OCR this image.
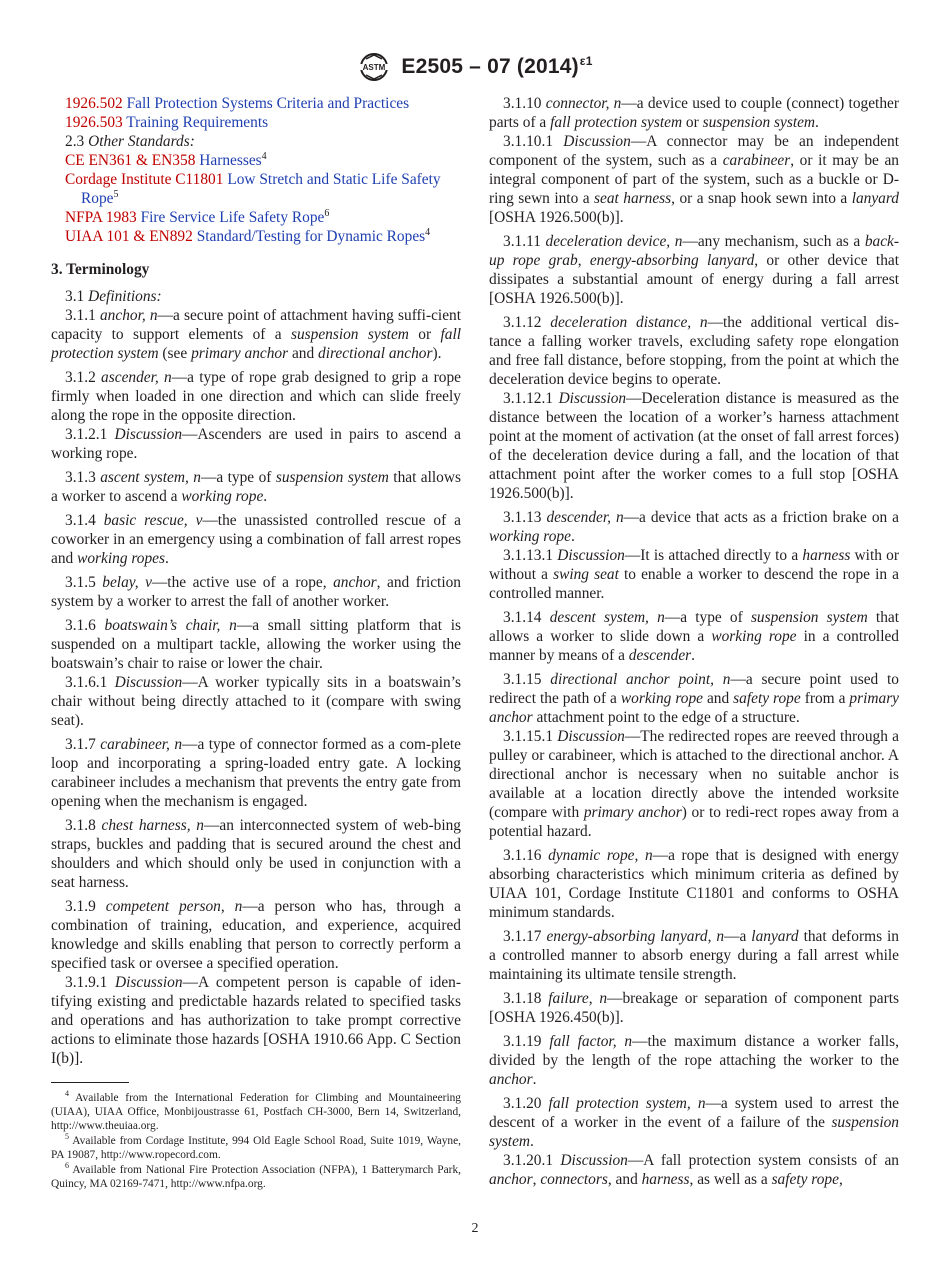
ASTM E2505 – 07 $(2014)^{\varepsilon 1}$

1926.502 Fall Protection Systems Criteria and Practices

1926.503 Training Requirements

2.3 Other Standards:

CE EN361 & EN358 Harnesses$^4$

Cordage Institute C11801 Low Stretch and Static Life Safety
Rope$^5$

NFPA 1983 Fire Service Life Safety Rope$^6$

UIAA 101 & EN892 Standard/Testing for Dynamic Ropes$^4$

3. Terminology

3.1 Definitions:

3.1.1 anchor, n—a secure point of attachment having suffi-cient capacity to support elements of a suspension system or fall protection system (see primary anchor and directional anchor).

3.1.2 ascender, n—a type of rope grab designed to grip a rope firmly when loaded in one direction and which can slide freely along the rope in the opposite direction.

3.1.2.1 Discussion—Ascenders are used in pairs to ascend a working rope.

3.1.3 ascent system, n—a type of suspension system that allows a worker to ascend a working rope.

3.1.4 basic rescue, v—the unassisted controlled rescue of a coworker in an emergency using a combination of fall arrest ropes and working ropes.

3.1.5 belay, v—the active use of a rope, anchor, and friction system by a worker to arrest the fall of another worker.

3.1.6 boatswain’s chair, n—a small sitting platform that is suspended on a multipart tackle, allowing the worker using the boatswain’s chair to raise or lower the chair.

3.1.6.1 Discussion—A worker typically sits in a boatswain’s chair without being directly attached to it (compare with swing seat).

3.1.7 carabineer, n—a type of connector formed as a com-plete loop and incorporating a spring-loaded entry gate. A locking carabineer includes a mechanism that prevents the entry gate from opening when the mechanism is engaged.

3.1.8 chest harness, n—an interconnected system of web-bing straps, buckles and padding that is secured around the chest and shoulders and which should only be used in conjunction with a seat harness.

3.1.9 competent person, n—a person who has, through a combination of training, education, and experience, acquired knowledge and skills enabling that person to correctly perform a specified task or oversee a specified operation.

3.1.9.1 Discussion—A competent person is capable of iden-tifying existing and predictable hazards related to specified tasks and operations and has authorization to take prompt corrective actions to eliminate those hazards [OSHA 1910.66 App. C Section I(b)].

$^4$ Available from the International Federation for Climbing and Mountaineering (UIAA), UIAA Office, Monbijoustrasse 61, Postfach CH-3000, Bern 14, Switzerland, http://www.theuiaa.org.

$^5$ Available from Cordage Institute, 994 Old Eagle School Road, Suite 1019, Wayne, PA 19087, http://www.ropecord.com.

$^6$ Available from National Fire Protection Association (NFPA), 1 Batterymarch Park, Quincy, MA 02169-7471, http://www.nfpa.org.

3.1.10 connector, n—a device used to couple (connect) together parts of a fall protection system or suspension system.

3.1.10.1 Discussion—A connector may be an independent component of the system, such as a carabineer, or it may be an integral component of part of the system, such as a buckle or D-ring sewn into a seat harness, or a snap hook sewn into a lanyard [OSHA 1926.500(b)].

3.1.11 deceleration device, n—any mechanism, such as a back-up rope grab, energy-absorbing lanyard, or other device that dissipates a substantial amount of energy during a fall arrest [OSHA 1926.500(b)].

3.1.12 deceleration distance, n—the additional vertical dis-tance a falling worker travels, excluding safety rope elongation and free fall distance, before stopping, from the point at which the deceleration device begins to operate.

3.1.12.1 Discussion—Deceleration distance is measured as the distance between the location of a worker’s harness attachment point at the moment of activation (at the onset of fall arrest forces) of the deceleration device during a fall, and the location of that attachment point after the worker comes to a full stop [OSHA 1926.500(b)].

3.1.13 descender, n—a device that acts as a friction brake on a working rope.

3.1.13.1 Discussion—It is attached directly to a harness with or without a swing seat to enable a worker to descend the rope in a controlled manner.

3.1.14 descent system, n—a type of suspension system that allows a worker to slide down a working rope in a controlled manner by means of a descender.

3.1.15 directional anchor point, n—a secure point used to redirect the path of a working rope and safety rope from a primary anchor attachment point to the edge of a structure.

3.1.15.1 Discussion—The redirected ropes are reeved through a pulley or carabineer, which is attached to the directional anchor. A directional anchor is necessary when no suitable anchor is available at a location directly above the intended worksite (compare with primary anchor) or to redi-rect ropes away from a potential hazard.

3.1.16 dynamic rope, n—a rope that is designed with energy absorbing characteristics which minimum criteria as defined by UIAA 101, Cordage Institute C11801 and conforms to OSHA minimum standards.

3.1.17 energy-absorbing lanyard, n—a lanyard that deforms in a controlled manner to absorb energy during a fall arrest while maintaining its ultimate tensile strength.

3.1.18 failure, n—breakage or separation of component parts [OSHA 1926.450(b)].

3.1.19 fall factor, n—the maximum distance a worker falls, divided by the length of the rope attaching the worker to the anchor.

3.1.20 fall protection system, n—a system used to arrest the descent of a worker in the event of a failure of the suspension system.

3.1.20.1 Discussion—A fall protection system consists of an anchor, connectors, and harness, as well as a safety rope,

2
